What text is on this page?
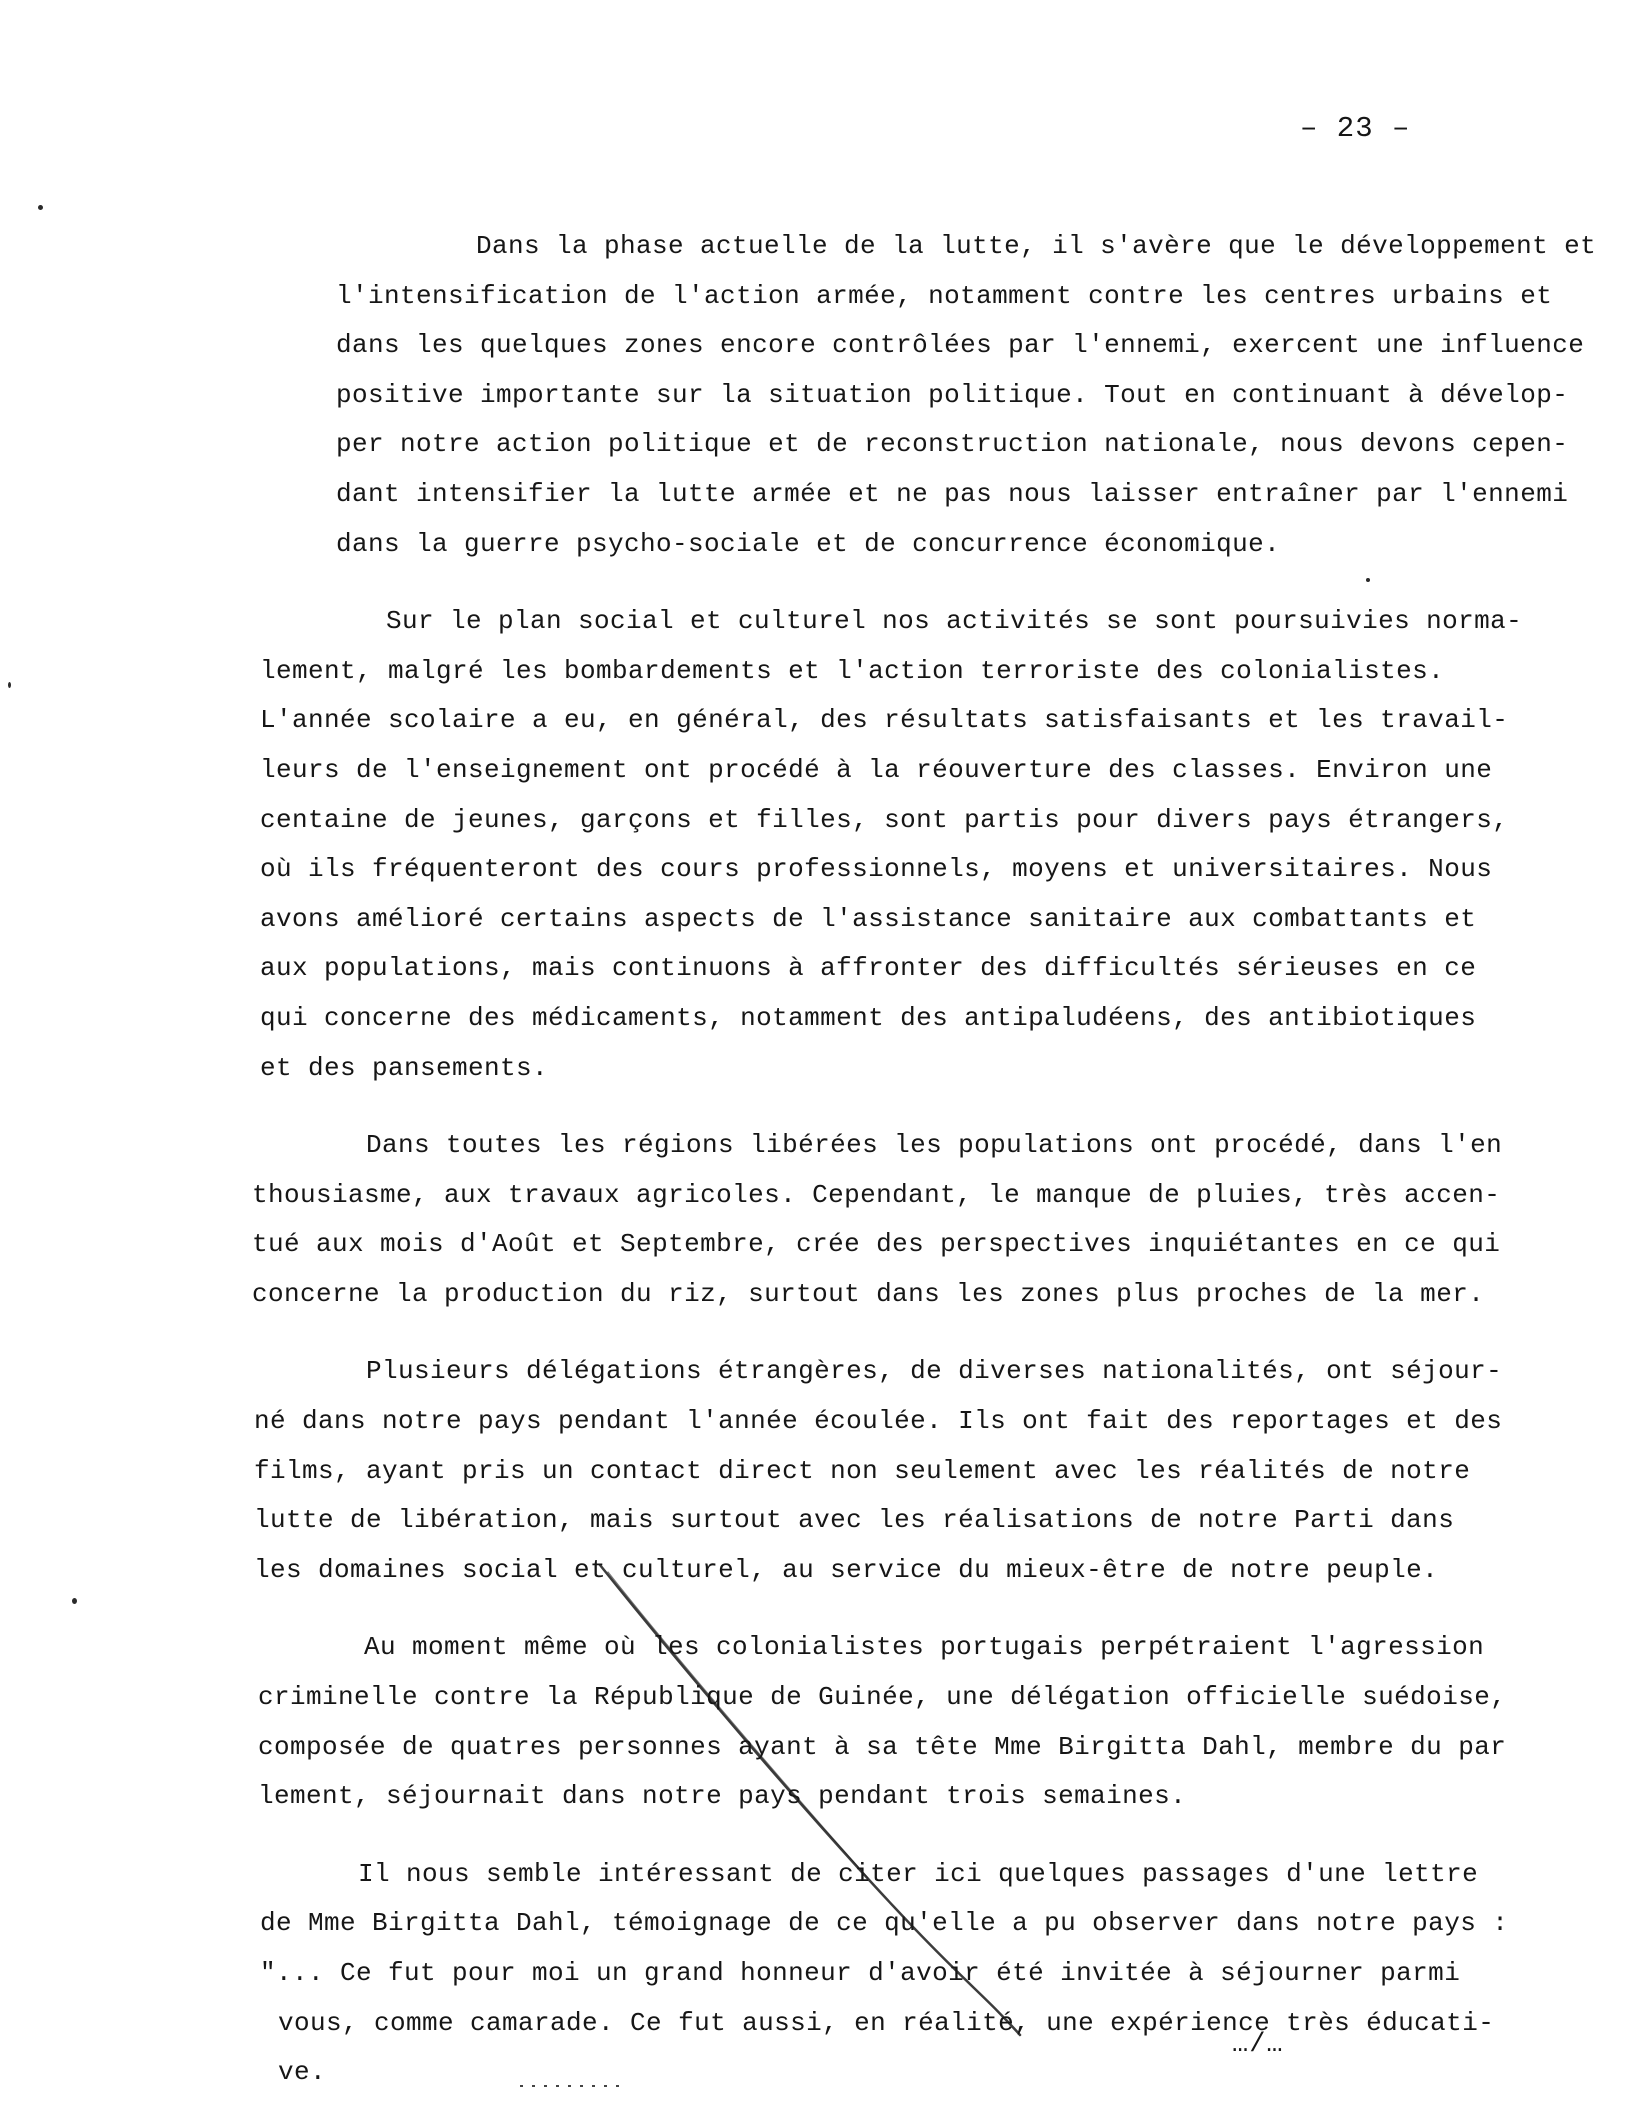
– 23 –

Dans la phase actuelle de la lutte, il s'avère que le développement et
l'intensification de l'action armée, notamment contre les centres urbains et
dans les quelques zones encore contrôlées par l'ennemi, exercent une influence
positive importante sur la situation politique. Tout en continuant à dévelop-
per notre action politique et de reconstruction nationale, nous devons cepen-
dant intensifier la lutte armée et ne pas nous laisser entraîner par l'ennemi
dans la guerre psycho-sociale et de concurrence économique.

Sur le plan social et culturel nos activités se sont poursuivies norma-
lement, malgré les bombardements et l'action terroriste des colonialistes.
L'année scolaire a eu, en général, des résultats satisfaisants et les travail-
leurs de l'enseignement ont procédé à la réouverture des classes. Environ une
centaine de jeunes, garçons et filles, sont partis pour divers pays étrangers,
où ils fréquenteront des cours professionnels, moyens et universitaires. Nous
avons amélioré certains aspects de l'assistance sanitaire aux combattants et
aux populations, mais continuons à affronter des difficultés sérieuses en ce
qui concerne des médicaments, notamment des antipaludéens, des antibiotiques
et des pansements.

Dans toutes les régions libérées les populations ont procédé, dans l'en
thousiasme, aux travaux agricoles. Cependant, le manque de pluies, très accen-
tué aux mois d'Août et Septembre, crée des perspectives inquiétantes en ce qui
concerne la production du riz, surtout dans les zones plus proches de la mer.

Plusieurs délégations étrangères, de diverses nationalités, ont séjour-
né dans notre pays pendant l'année écoulée. Ils ont fait des reportages et des
films, ayant pris un contact direct non seulement avec les réalités de notre
lutte de libération, mais surtout avec les réalisations de notre Parti dans
les domaines social et culturel, au service du mieux-être de notre peuple.

Au moment même où les colonialistes portugais perpétraient l'agression
criminelle contre la République de Guinée, une délégation officielle suédoise,
composée de quatres personnes ayant à sa tête Mme Birgitta Dahl, membre du par
lement, séjournait dans notre pays pendant trois semaines.

Il nous semble intéressant de citer ici quelques passages d'une lettre
de Mme Birgitta Dahl, témoignage de ce qu'elle a pu observer dans notre pays :
"... Ce fut pour moi un grand honneur d'avoir été invitée à séjourner parmi
vous, comme camarade. Ce fut aussi, en réalité, une expérience très éducati-
ve.

…/…
